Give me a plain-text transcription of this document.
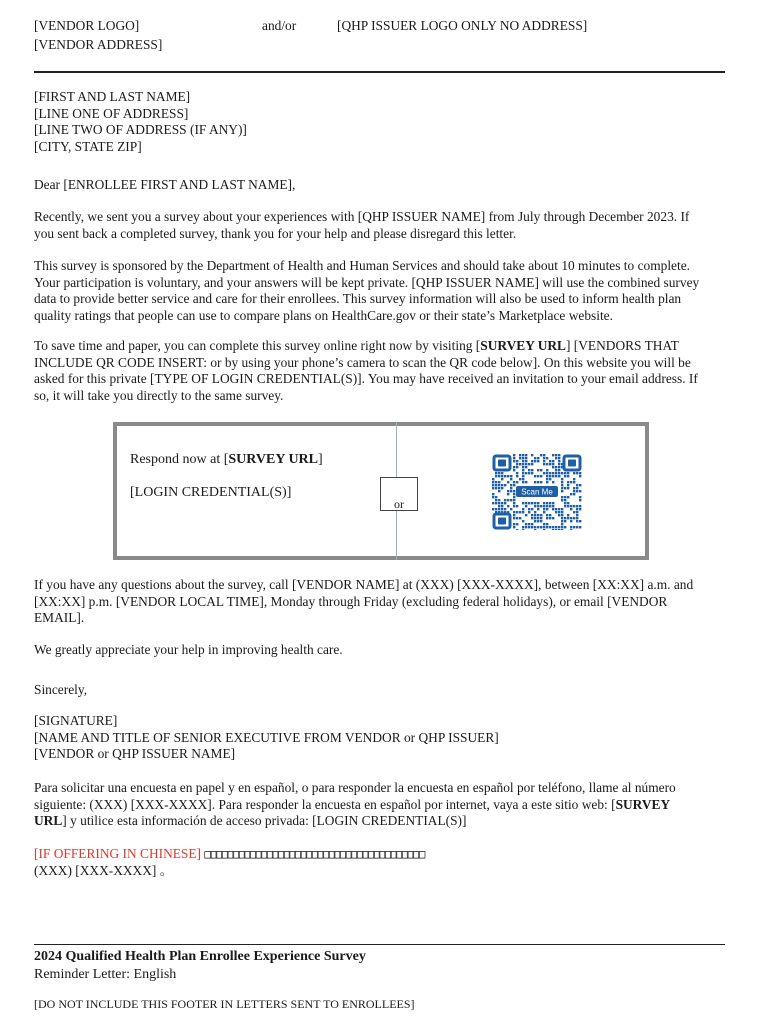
[VENDOR LOGO]
[VENDOR ADDRESS]
and/or	[QHP ISSUER LOGO ONLY NO ADDRESS]
[FIRST AND LAST NAME]
[LINE ONE OF ADDRESS]
[LINE TWO OF ADDRESS (IF ANY)]
[CITY, STATE ZIP]
Dear [ENROLLEE FIRST AND LAST NAME],
Recently, we sent you a survey about your experiences with [QHP ISSUER NAME] from July through December 2023. If
you sent back a completed survey, thank you for your help and please disregard this letter.
This survey is sponsored by the Department of Health and Human Services and should take about 10 minutes to complete.
Your participation is voluntary, and your answers will be kept private. [QHP ISSUER NAME] will use the combined survey
data to provide better service and care for their enrollees. This survey information will also be used to inform health plan
quality ratings that people can use to compare plans on HealthCare.gov or their state’s Marketplace website.
To save time and paper, you can complete this survey online right now by visiting [SURVEY URL] [VENDORS THAT
INCLUDE QR CODE INSERT: or by using your phone’s camera to scan the QR code below]. On this website you will be
asked for this private [TYPE OF LOGIN CREDENTIAL(S)]. You may have received an invitation to your email address. If
so, it will take you directly to the same survey.
Respond now at [SURVEY URL]
[LOGIN CREDENTIAL(S)]
or
Scan Me
If you have any questions about the survey, call [VENDOR NAME] at (XXX) [XXX-XXXX], between [XX:XX] a.m. and
[XX:XX] p.m. [VENDOR LOCAL TIME], Monday through Friday (excluding federal holidays), or email [VENDOR
EMAIL].
We greatly appreciate your help in improving health care.
Sincerely,
[SIGNATURE]
[NAME AND TITLE OF SENIOR EXECUTIVE FROM VENDOR or QHP ISSUER]
[VENDOR or QHP ISSUER NAME]
Para solicitar una encuesta en papel y en español, o para responder la encuesta en español por teléfono, llame al número
siguiente: (XXX) [XXX-XXXX]. Para responder la encuesta en español por internet, vaya a este sitio web: [SURVEY
URL] y utilice esta información de acceso privada: [LOGIN CREDENTIAL(S)]
[IF OFFERING IN CHINESE] □□□□□□□□□□□□□□□□□□□□□□□□□□□□□□□□□□□□□□□
(XXX) [XXX-XXXX] 。
2024 Qualified Health Plan Enrollee Experience Survey
Reminder Letter: English
[DO NOT INCLUDE THIS FOOTER IN LETTERS SENT TO ENROLLEES]
